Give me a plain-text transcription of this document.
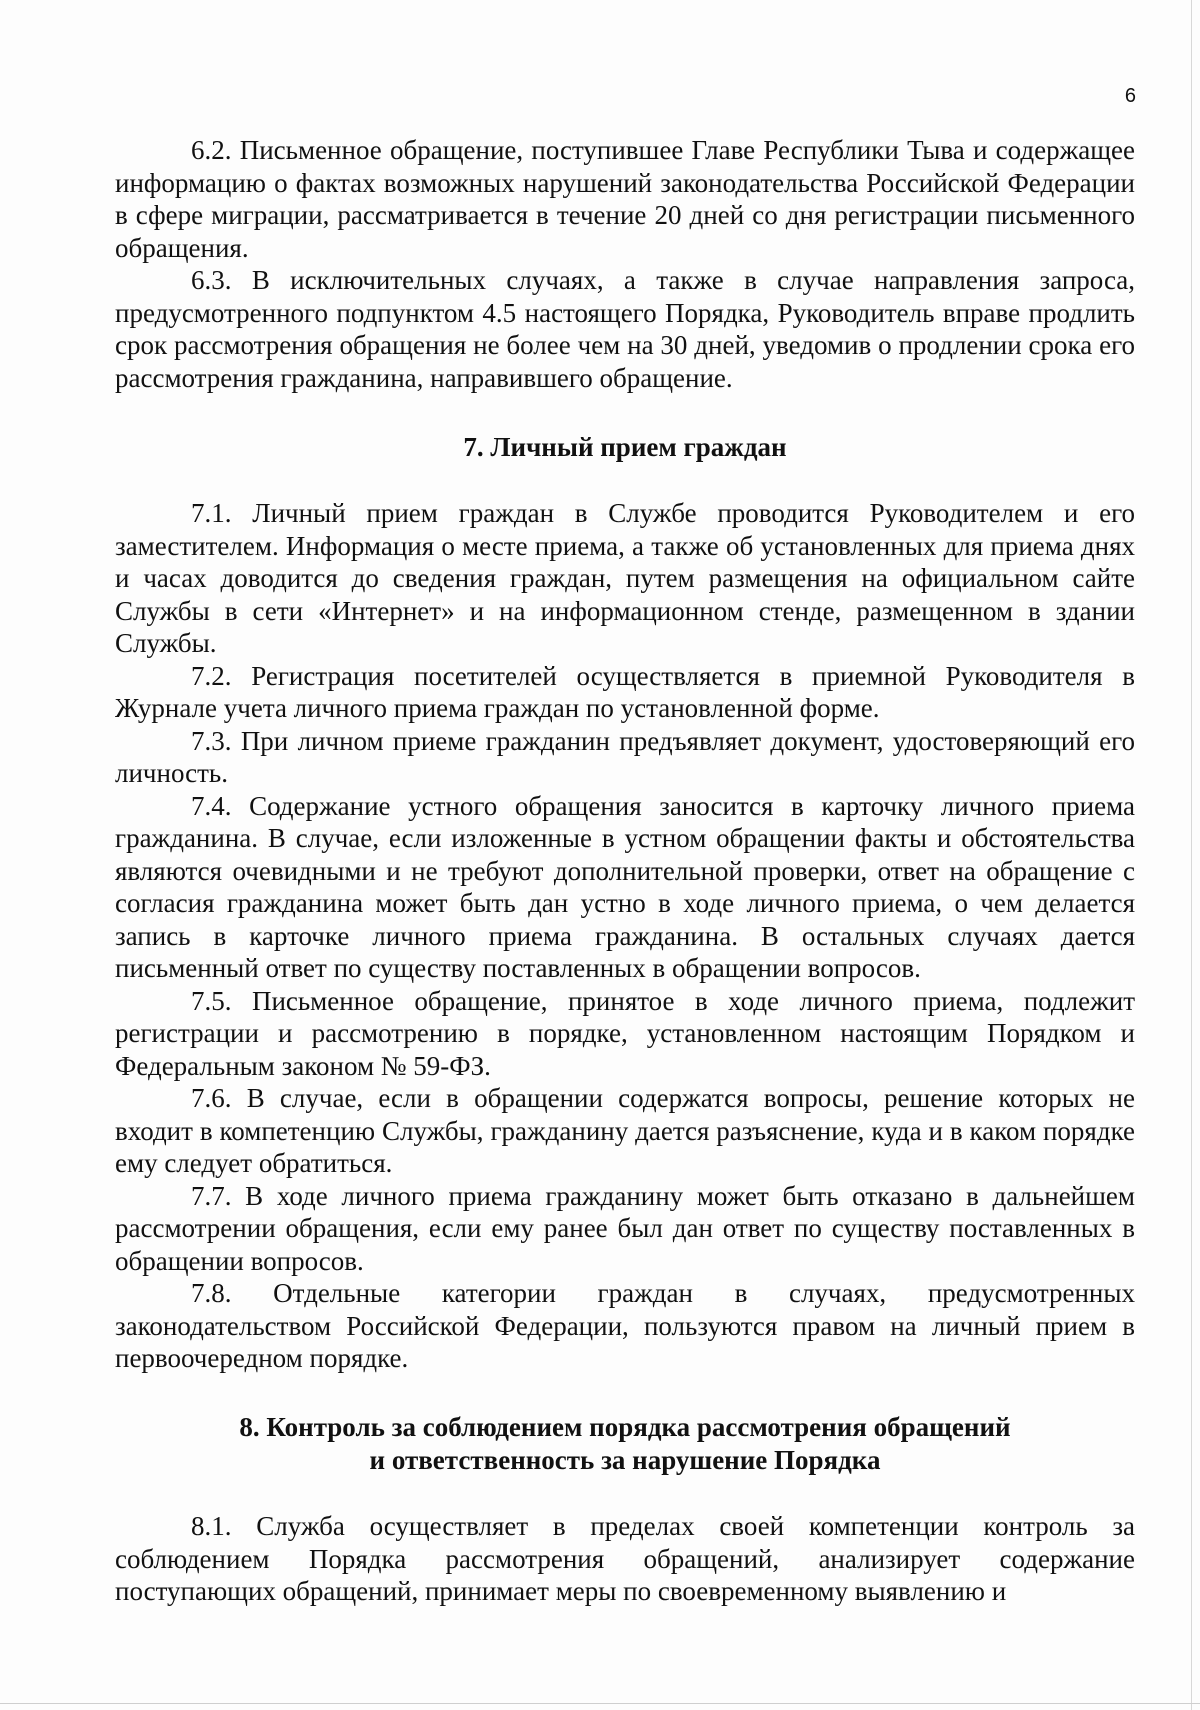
6

6.2. Письменное обращение, поступившее Главе Республики Тыва и содержащее информацию о фактах возможных нарушений законодательства Российской Федерации в сфере миграции, рассматривается в течение 20 дней со дня регистрации письменного обращения.

6.3. В исключительных случаях, а также в случае направления запроса, предусмотренного подпунктом 4.5 настоящего Порядка, Руководитель вправе продлить срок рассмотрения обращения не более чем на 30 дней, уведомив о продлении срока его рассмотрения гражданина, направившего обращение.

7. Личный прием граждан

7.1. Личный прием граждан в Службе проводится Руководителем и его заместителем. Информация о месте приема, а также об установленных для приема днях и часах доводится до сведения граждан, путем размещения на официальном сайте Службы в сети «Интернет» и на информационном стенде, размещенном в здании Службы.

7.2. Регистрация посетителей осуществляется в приемной Руководителя в Журнале учета личного приема граждан по установленной форме.

7.3. При личном приеме гражданин предъявляет документ, удостоверяющий его личность.

7.4. Содержание устного обращения заносится в карточку личного приема гражданина. В случае, если изложенные в устном обращении факты и обстоятельства являются очевидными и не требуют дополнительной проверки, ответ на обращение с согласия гражданина может быть дан устно в ходе личного приема, о чем делается запись в карточке личного приема гражданина. В остальных случаях дается письменный ответ по существу поставленных в обращении вопросов.

7.5. Письменное обращение, принятое в ходе личного приема, подлежит регистрации и рассмотрению в порядке, установленном настоящим Порядком и Федеральным законом № 59-ФЗ.

7.6. В случае, если в обращении содержатся вопросы, решение которых не входит в компетенцию Службы, гражданину дается разъяснение, куда и в каком порядке ему следует обратиться.

7.7. В ходе личного приема гражданину может быть отказано в дальнейшем рассмотрении обращения, если ему ранее был дан ответ по существу поставленных в обращении вопросов.

7.8. Отдельные категории граждан в случаях, предусмотренных законодательством Российской Федерации, пользуются правом на личный прием в первоочередном порядке.

8. Контроль за соблюдением порядка рассмотрения обращений
и ответственность за нарушение Порядка

8.1. Служба осуществляет в пределах своей компетенции контроль за соблюдением Порядка рассмотрения обращений, анализирует содержание поступающих обращений, принимает меры по своевременному выявлению и
